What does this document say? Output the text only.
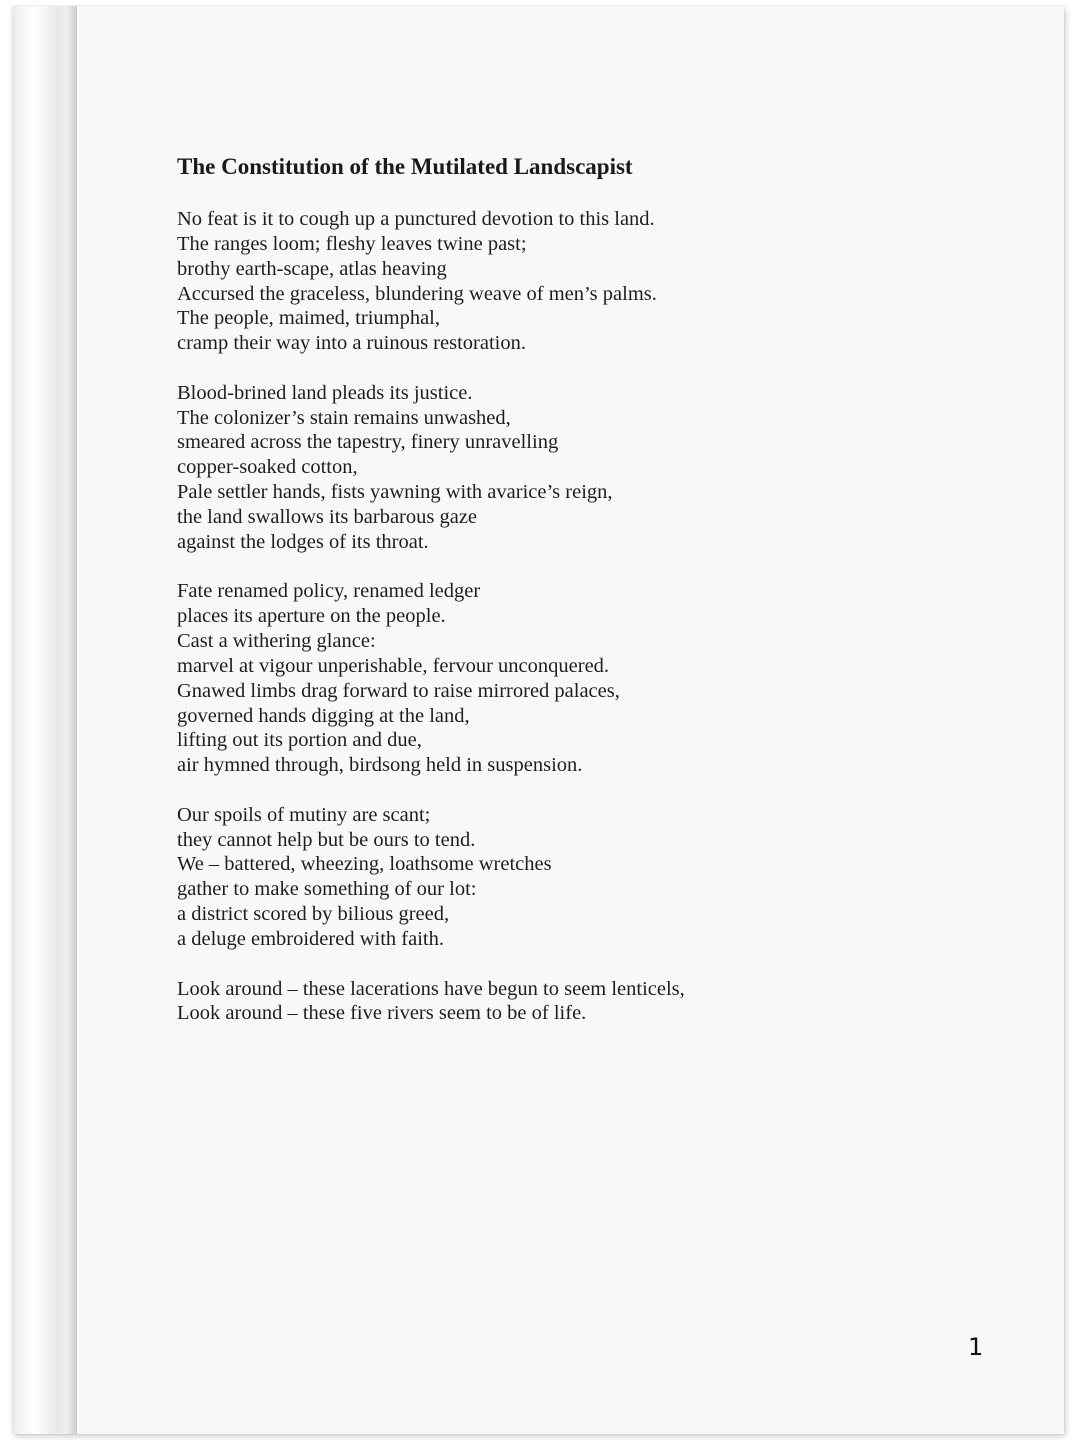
The Constitution of the Mutilated Landscapist

No feat is it to cough up a punctured devotion to this land.
The ranges loom; fleshy leaves twine past;
brothy earth-scape, atlas heaving
Accursed the graceless, blundering weave of men’s palms.
The people, maimed, triumphal,
cramp their way into a ruinous restoration.

Blood-brined land pleads its justice.
The colonizer’s stain remains unwashed,
smeared across the tapestry, finery unravelling
copper-soaked cotton,
Pale settler hands, fists yawning with avarice’s reign,
the land swallows its barbarous gaze
against the lodges of its throat.

Fate renamed policy, renamed ledger
places its aperture on the people.
Cast a withering glance:
marvel at vigour unperishable, fervour unconquered.
Gnawed limbs drag forward to raise mirrored palaces,
governed hands digging at the land,
lifting out its portion and due,
air hymned through, birdsong held in suspension.

Our spoils of mutiny are scant;
they cannot help but be ours to tend.
We – battered, wheezing, loathsome wretches
gather to make something of our lot:
a district scored by bilious greed,
a deluge embroidered with faith.

Look around – these lacerations have begun to seem lenticels,
Look around – these five rivers seem to be of life.

1
